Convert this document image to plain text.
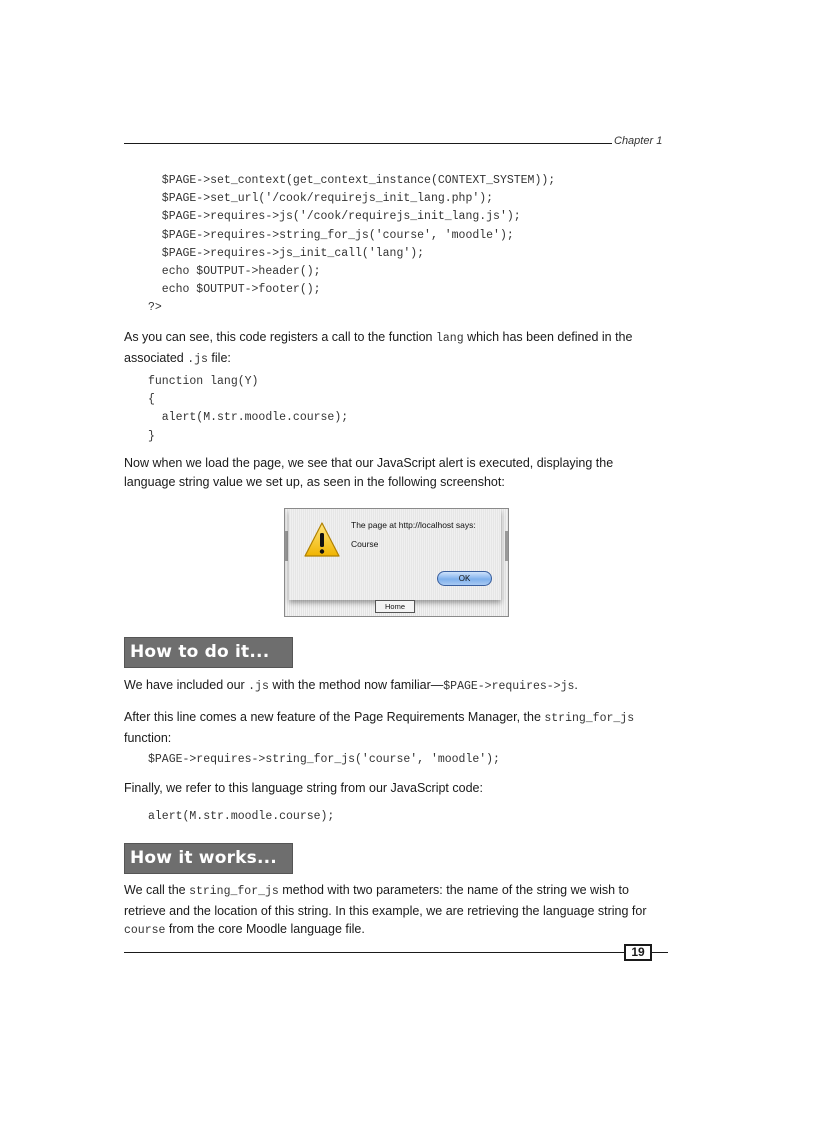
Chapter 1
$PAGE->set_context(get_context_instance(CONTEXT_SYSTEM));
$PAGE->set_url('/cook/requirejs_init_lang.php');
$PAGE->requires->js('/cook/requirejs_init_lang.js');
$PAGE->requires->string_for_js('course', 'moodle');
$PAGE->requires->js_init_call('lang');
echo $OUTPUT->header();
echo $OUTPUT->footer();
?>

As you can see, this code registers a call to the function lang which has been defined in the associated .js file:

function lang(Y)
{
alert(M.str.moodle.course);
}

Now when we load the page, we see that our JavaScript alert is executed, displaying the language string value we set up, as seen in the following screenshot:

The page at http://localhost says:
Course
OK
Home
How to do it...

We have included our .js with the method now familiar—$PAGE->requires->js.

After this line comes a new feature of the Page Requirements Manager, the string_for_js function:

$PAGE->requires->string_for_js('course', 'moodle');

Finally, we refer to this language string from our JavaScript code:

alert(M.str.moodle.course);
How it works...

We call the string_for_js method with two parameters: the name of the string we wish to retrieve and the location of this string. In this example, we are retrieving the language string for course from the core Moodle language file.

19
